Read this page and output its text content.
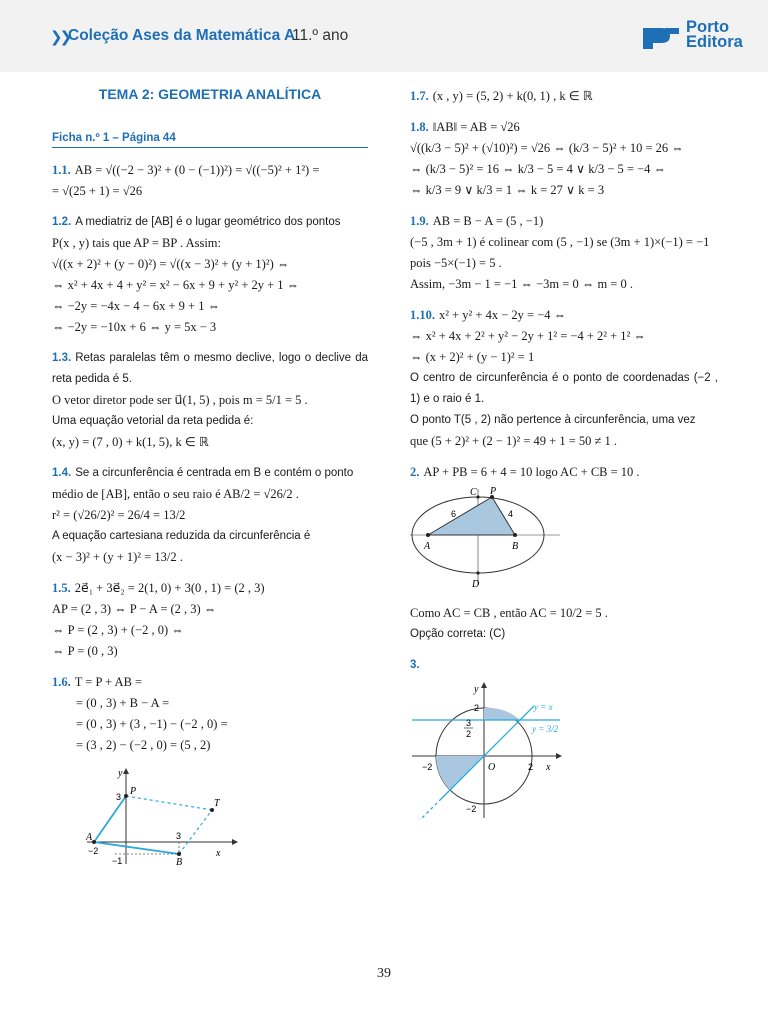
❯❯
Coleção Ases da Matemática A
11.º ano	Porto
Editora
TEMA 2: GEOMETRIA ANALÍTICA
Ficha n.º 1 – Página 44
1.1. AB = √((−2 − 3)² + (0 − (−1))²) = √((−5)² + 1²) =
= √(25 + 1) = √26
1.2. A mediatriz de [AB] é o lugar geométrico dos pontos
P(x , y) tais que AP = BP . Assim:
√((x + 2)² + (y − 0)²) = √((x − 3)² + (y + 1)²) ⇔
⇔ x² + 4x + 4 + y² = x² − 6x + 9 + y² + 2y + 1 ⇔
⇔ −2y = −4x − 4 − 6x + 9 + 1 ⇔
⇔ −2y = −10x + 6 ⇔ y = 5x − 3
1.3. Retas paralelas têm o mesmo declive, logo o declive da reta pedida é 5.
O vetor diretor pode ser u⃗(1, 5) , pois m = 5/1 = 5 .
Uma equação vetorial da reta pedida é:
(x, y) = (7 , 0) + k(1, 5), k ∈ ℝ
1.4. Se a circunferência é centrada em B e contém o ponto
médio de [AB], então o seu raio é AB/2 = √26/2 .
r² = (√26/2)² = 26/4 = 13/2
A equação cartesiana reduzida da circunferência é
(x − 3)² + (y + 1)² = 13/2 .
1.5. 2e⃗₁ + 3e⃗₂ = 2(1, 0) + 3(0 , 1) = (2 , 3)
AP = (2 , 3) ⇔ P − A = (2 , 3) ⇔
⇔ P = (2 , 3) + (−2 , 0) ⇔
⇔ P = (0 , 3)
1.6. T = P + AB =
= (0 , 3) + B − A =
= (0 , 3) + (3 , −1) − (−2 , 0) =
= (3 , 2) − (−2 , 0) = (5 , 2)
y
x
P
T
A
B
3
3
−2
−1
1.7. (x , y) = (5, 2) + k(0, 1) , k ∈ ℝ
1.8. ‖AB‖ = AB = √26
√((k/3 − 5)² + (√10)²) = √26 ⇔ (k/3 − 5)² + 10 = 26 ⇔
⇔ (k/3 − 5)² = 16 ⇔ k/3 − 5 = 4 ∨ k/3 − 5 = −4 ⇔
⇔ k/3 = 9 ∨ k/3 = 1 ⇔ k = 27 ∨ k = 3
1.9. AB = B − A = (5 , −1)
(−5 , 3m + 1) é colinear com (5 , −1) se (3m + 1)×(−1) = −1
pois −5×(−1) = 5 .
Assim, −3m − 1 = −1 ⇔ −3m = 0 ⇔ m = 0 .
1.10. x² + y² + 4x − 2y = −4 ⇔
⇔ x² + 4x + 2² + y² − 2y + 1² = −4 + 2² + 1² ⇔
⇔ (x + 2)² + (y − 1)² = 1
O centro de circunferência é o ponto de coordenadas (−2 , 1) e o raio é 1.
O ponto T(5 , 2) não pertence à circunferência, uma vez
que (5 + 2)² + (2 − 1)² = 49 + 1 = 50 ≠ 1 .
2. AP + PB = 6 + 4 = 10 logo AC + CB = 10 .
C P
A	B
D
6	4
Como AC = CB , então AC = 10/2 = 5 .
Opção correta: (C)
3.
y
x
O
2
3
2
−2	2
−2
y = x
y = 3/2
39
